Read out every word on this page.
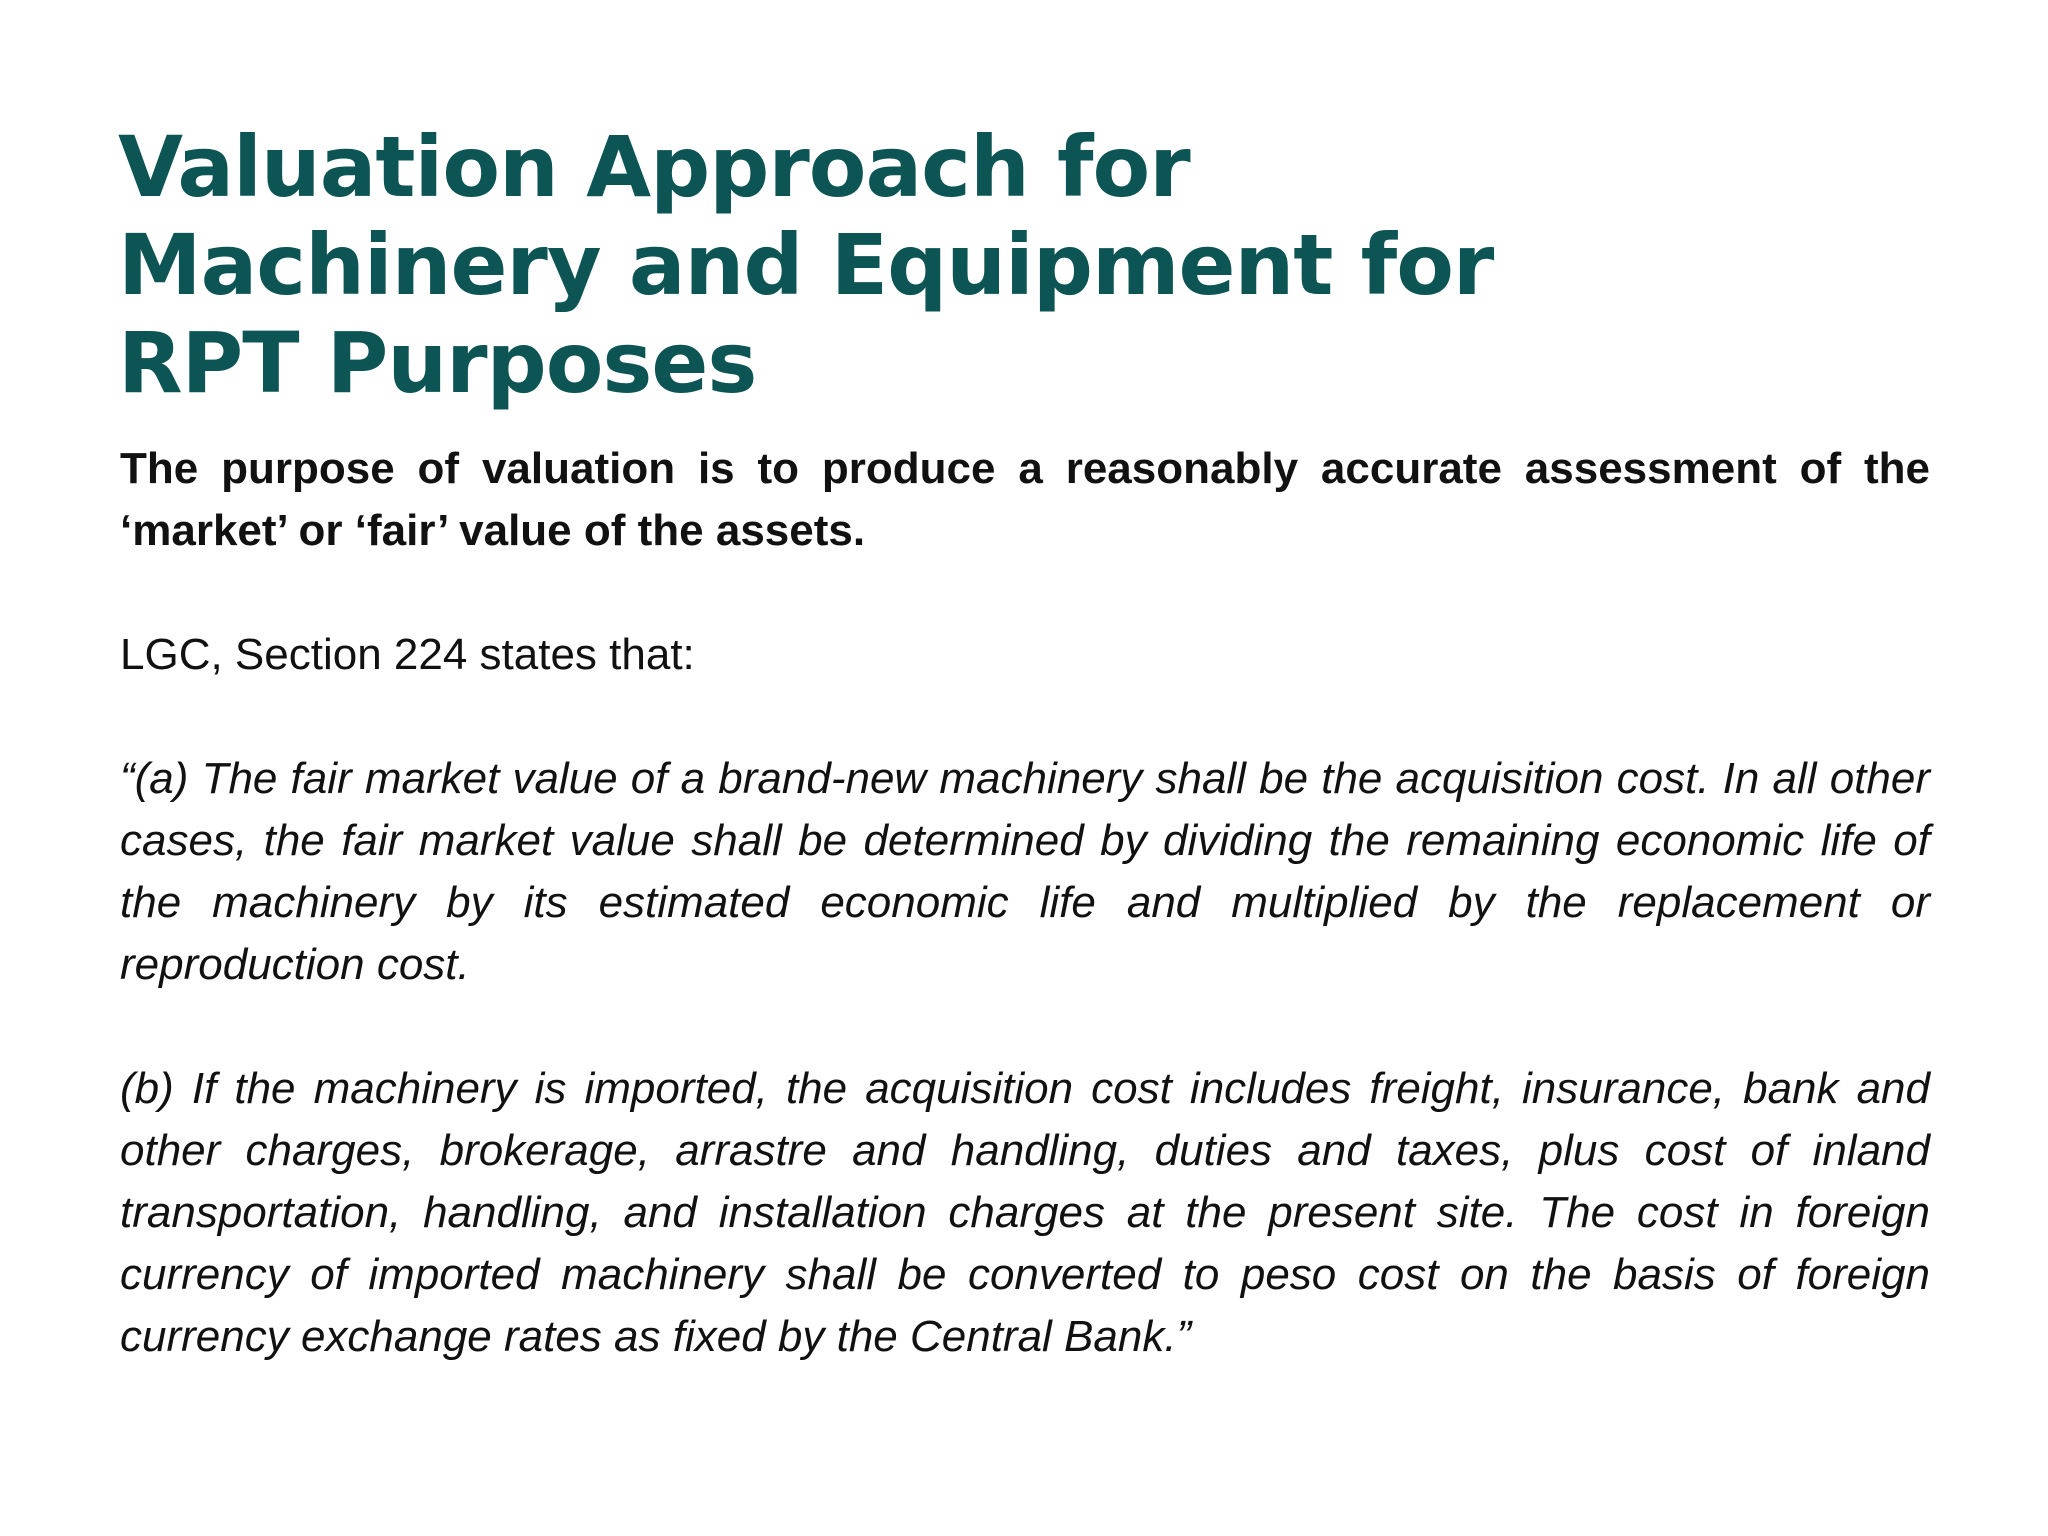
Valuation Approach for
Machinery and Equipment for
RPT Purposes

The purpose of valuation is to produce a reasonably accurate assessment of the ‘market’ or ‘fair’ value of the assets.

LGC, Section 224 states that:

“(a) The fair market value of a brand-new machinery shall be the acquisition cost. In all other cases, the fair market value shall be determined by dividing the remaining economic life of the machinery by its estimated economic life and multiplied by the replacement or reproduction cost.

(b) If the machinery is imported, the acquisition cost includes freight, insurance, bank and other charges, brokerage, arrastre and handling, duties and taxes, plus cost of inland transportation, handling, and installation charges at the present site. The cost in foreign currency of imported machinery shall be converted to peso cost on the basis of foreign currency exchange rates as fixed by the Central Bank.”
